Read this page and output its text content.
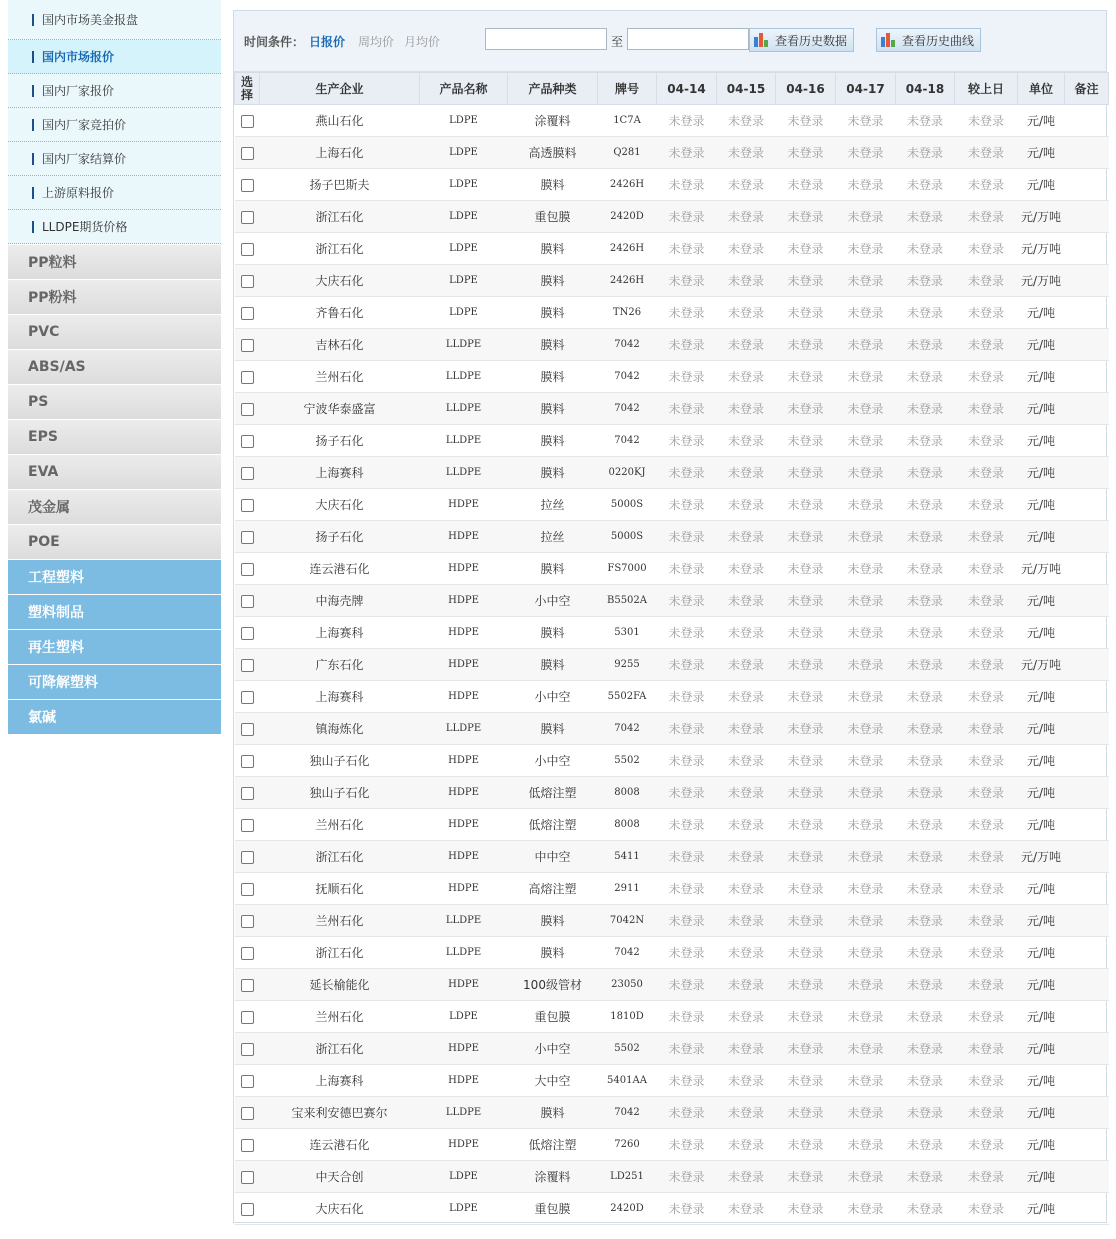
国内市场美金报盘
国内市场报价
国内厂家报价
国内厂家竞拍价
国内厂家结算价
上游原料报价
LLDPE期货价格
PP粒料
PP粉料
PVC
ABS/AS
PS
EPS
EVA
茂金属
POE
工程塑料
塑料制品
再生塑料
可降解塑料
氯碱
时间条件： 日报价 周均价 月均价	至	查看历史数据	查看历史曲线
选
择	生产企业	产品名称	产品种类	牌号	04-14	04-15	04-16	04-17	04-18	较上日	单位	备注
	燕山石化	LDPE	涂覆料	1C7A	未登录	未登录	未登录	未登录	未登录	未登录	元/吨	
	上海石化	LDPE	高透膜料	Q281	未登录	未登录	未登录	未登录	未登录	未登录	元/吨	
	扬子巴斯夫	LDPE	膜料	2426H	未登录	未登录	未登录	未登录	未登录	未登录	元/吨	
	浙江石化	LDPE	重包膜	2420D	未登录	未登录	未登录	未登录	未登录	未登录	元/万吨	
	浙江石化	LDPE	膜料	2426H	未登录	未登录	未登录	未登录	未登录	未登录	元/万吨	
	大庆石化	LDPE	膜料	2426H	未登录	未登录	未登录	未登录	未登录	未登录	元/万吨	
	齐鲁石化	LDPE	膜料	TN26	未登录	未登录	未登录	未登录	未登录	未登录	元/吨	
	吉林石化	LLDPE	膜料	7042	未登录	未登录	未登录	未登录	未登录	未登录	元/吨	
	兰州石化	LLDPE	膜料	7042	未登录	未登录	未登录	未登录	未登录	未登录	元/吨	
	宁波华泰盛富	LLDPE	膜料	7042	未登录	未登录	未登录	未登录	未登录	未登录	元/吨	
	扬子石化	LLDPE	膜料	7042	未登录	未登录	未登录	未登录	未登录	未登录	元/吨	
	上海赛科	LLDPE	膜料	0220KJ	未登录	未登录	未登录	未登录	未登录	未登录	元/吨	
	大庆石化	HDPE	拉丝	5000S	未登录	未登录	未登录	未登录	未登录	未登录	元/吨	
	扬子石化	HDPE	拉丝	5000S	未登录	未登录	未登录	未登录	未登录	未登录	元/吨	
	连云港石化	HDPE	膜料	FS7000	未登录	未登录	未登录	未登录	未登录	未登录	元/万吨	
	中海壳牌	HDPE	小中空	B5502A	未登录	未登录	未登录	未登录	未登录	未登录	元/吨	
	上海赛科	HDPE	膜料	5301	未登录	未登录	未登录	未登录	未登录	未登录	元/吨	
	广东石化	HDPE	膜料	9255	未登录	未登录	未登录	未登录	未登录	未登录	元/万吨	
	上海赛科	HDPE	小中空	5502FA	未登录	未登录	未登录	未登录	未登录	未登录	元/吨	
	镇海炼化	LLDPE	膜料	7042	未登录	未登录	未登录	未登录	未登录	未登录	元/吨	
	独山子石化	HDPE	小中空	5502	未登录	未登录	未登录	未登录	未登录	未登录	元/吨	
	独山子石化	HDPE	低熔注塑	8008	未登录	未登录	未登录	未登录	未登录	未登录	元/吨	
	兰州石化	HDPE	低熔注塑	8008	未登录	未登录	未登录	未登录	未登录	未登录	元/吨	
	浙江石化	HDPE	中中空	5411	未登录	未登录	未登录	未登录	未登录	未登录	元/万吨	
	抚顺石化	HDPE	高熔注塑	2911	未登录	未登录	未登录	未登录	未登录	未登录	元/吨	
	兰州石化	LLDPE	膜料	7042N	未登录	未登录	未登录	未登录	未登录	未登录	元/吨	
	浙江石化	LLDPE	膜料	7042	未登录	未登录	未登录	未登录	未登录	未登录	元/吨	
	延长榆能化	HDPE	100级管材	23050	未登录	未登录	未登录	未登录	未登录	未登录	元/吨	
	兰州石化	LDPE	重包膜	1810D	未登录	未登录	未登录	未登录	未登录	未登录	元/吨	
	浙江石化	HDPE	小中空	5502	未登录	未登录	未登录	未登录	未登录	未登录	元/吨	
	上海赛科	HDPE	大中空	5401AA	未登录	未登录	未登录	未登录	未登录	未登录	元/吨	
	宝来利安德巴赛尔	LLDPE	膜料	7042	未登录	未登录	未登录	未登录	未登录	未登录	元/吨	
	连云港石化	HDPE	低熔注塑	7260	未登录	未登录	未登录	未登录	未登录	未登录	元/吨	
	中天合创	LDPE	涂覆料	LD251	未登录	未登录	未登录	未登录	未登录	未登录	元/吨	
	大庆石化	LDPE	重包膜	2420D	未登录	未登录	未登录	未登录	未登录	未登录	元/吨	
